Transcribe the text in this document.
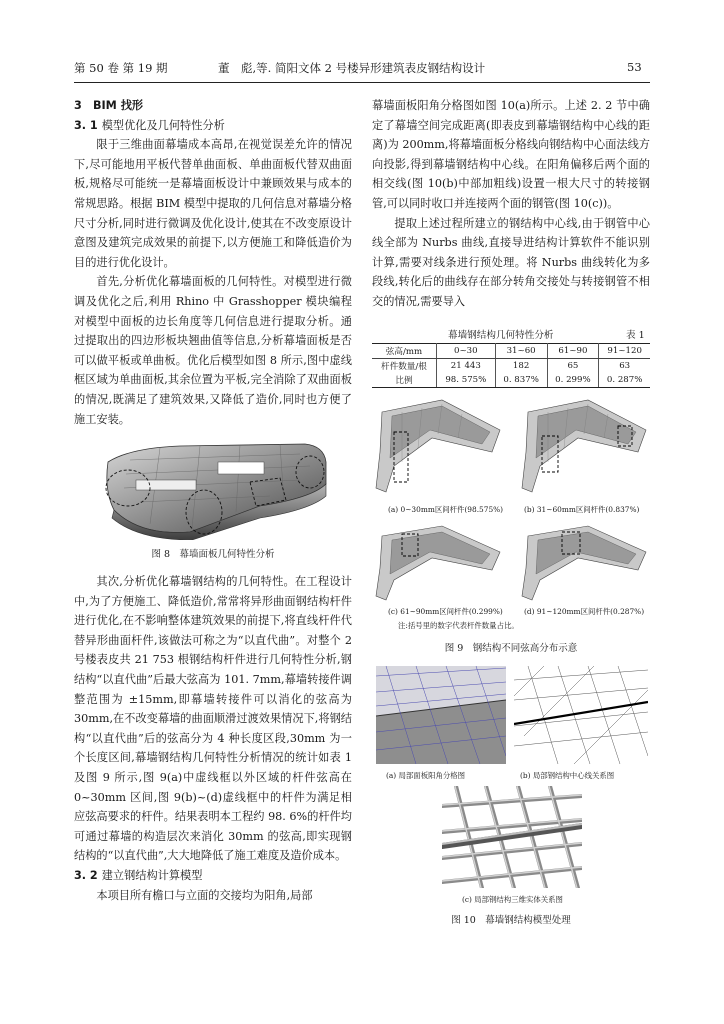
第 50 卷 第 19 期	董　彪,等. 简阳文体 2 号楼异形建筑表皮钢结构设计	53
3　BIM 找形
3. 1 模型优化及几何特性分析

限于三维曲面幕墙成本高昂,在视觉误差允许的情况下,尽可能地用平板代替单曲面板、单曲面板代替双曲面板,规格尽可能统一是幕墙面板设计中兼顾效果与成本的常规思路。根据 BIM 模型中提取的几何信息对幕墙分格尺寸分析,同时进行微调及优化设计,使其在不改变原设计意图及建筑完成效果的前提下,以方便施工和降低造价为目的进行优化设计。

首先,分析优化幕墙面板的几何特性。对模型进行微调及优化之后,利用 Rhino 中 Grasshopper 模块编程对模型中面板的边长角度等几何信息进行提取分析。通过提取出的四边形板块翘曲值等信息,分析幕墙面板是否可以做平板或单曲板。优化后模型如图 8 所示,图中虚线框区域为单曲面板,其余位置为平板,完全消除了双曲面板的情况,既满足了建筑效果,又降低了造价,同时也方便了施工安装。

图 8　幕墙面板几何特性分析

其次,分析优化幕墙钢结构的几何特性。在工程设计中,为了方便施工、降低造价,常常将异形曲面钢结构杆件进行优化,在不影响整体建筑效果的前提下,将直线杆件代替异形曲面杆件,该做法可称之为“以直代曲”。对整个 2 号楼表皮共 21 753 根钢结构杆件进行几何特性分析,钢结构“以直代曲”后最大弦高为 101. 7mm,幕墙转接件调整范围为 ±15mm,即幕墙转接件可以消化的弦高为 30mm,在不改变幕墙的曲面顺滑过渡效果情况下,将钢结构“以直代曲”后的弦高分为 4 种长度区段,30mm 为一个长度区间,幕墙钢结构几何特性分析情况的统计如表 1 及图 9 所示,图 9(a)中虚线框以外区域的杆件弦高在 0~30mm 区间,图 9(b)~(d)虚线框中的杆件为满足相应弦高要求的杆件。结果表明本工程约 98. 6%的杆件均可通过幕墙的构造层次来消化 30mm 的弦高,即实现钢结构的“以直代曲”,大大地降低了施工难度及造价成本。

3. 2 建立钢结构计算模型

本项目所有檐口与立面的交接均为阳角,局部

幕墙面板阳角分格图如图 10(a)所示。上述 2. 2 节中确定了幕墙空间完成距离(即表皮到幕墙钢结构中心线的距离)为 200mm,将幕墙面板分格线向钢结构中心面法线方向投影,得到幕墙钢结构中心线。在阳角偏移后两个面的相交线(图 10(b)中部加粗线)设置一根大尺寸的转接钢管,可以同时收口并连接两个面的钢管(图 10(c))。

提取上述过程所建立的钢结构中心线,由于钢管中心线全部为 Nurbs 曲线,直接导进结构计算软件不能识别计算,需要对线条进行预处理。将 Nurbs 曲线转化为多段线,转化后的曲线存在部分转角交接处与转接钢管不相交的情况,需要导入

幕墙钢结构几何特性分析	表 1
弦高/mm	0~30	31~60	61~90	91~120
杆件数量/根	21 443	182	65	63
比例	98. 575%	0. 837%	0. 299%	0. 287%
(a) 0~30mm区间杆件(98.575%)	(b) 31~60mm区间杆件(0.837%)
(c) 61~90mm区间杆件(0.299%)	(d) 91~120mm区间杆件(0.287%)
注:括号里的数字代表杆件数量占比。
图 9　钢结构不同弦高分布示意
(a) 局部面板阳角分格图	(b) 局部钢结构中心线关系图
(c) 局部钢结构三维实体关系图
图 10　幕墙钢结构模型处理
